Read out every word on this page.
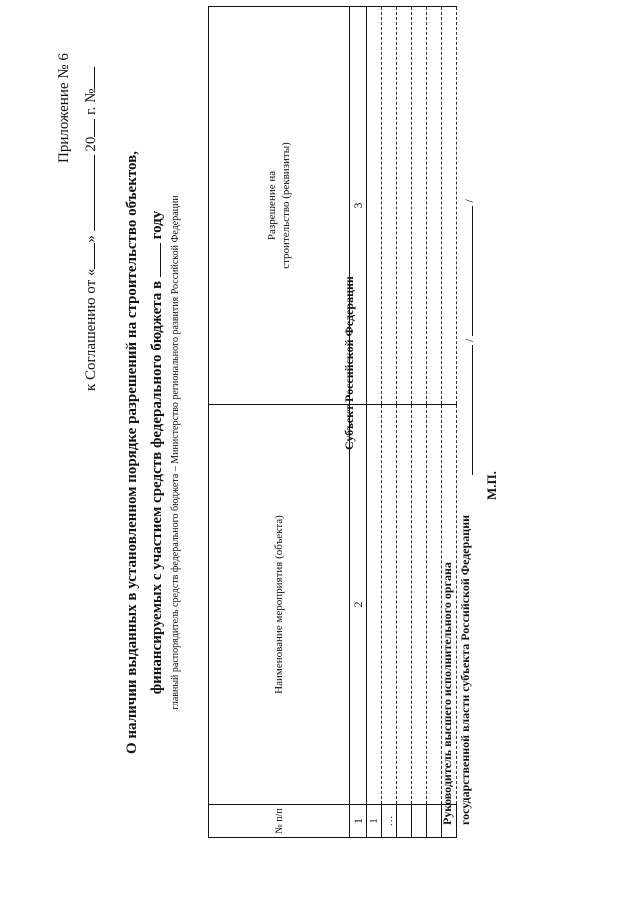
Приложение № 6
к Соглашению от «»  20 г. №
О наличии выданных в установленном порядке разрешений на строительство объектов, финансируемых с участием средств федерального бюджета в  году главный распорядитель средств федерального бюджета – Министерство регионального развития Российской Федерации
№ п/п	Наименование мероприятия (объекта)	Разрешение на строительство (реквизиты)
1	2	3
1		
…		

Субъект Российской Федерации
Руководитель высшего исполнительного органа государственной власти субъекта Российской Федерации
/  /
М.П.
